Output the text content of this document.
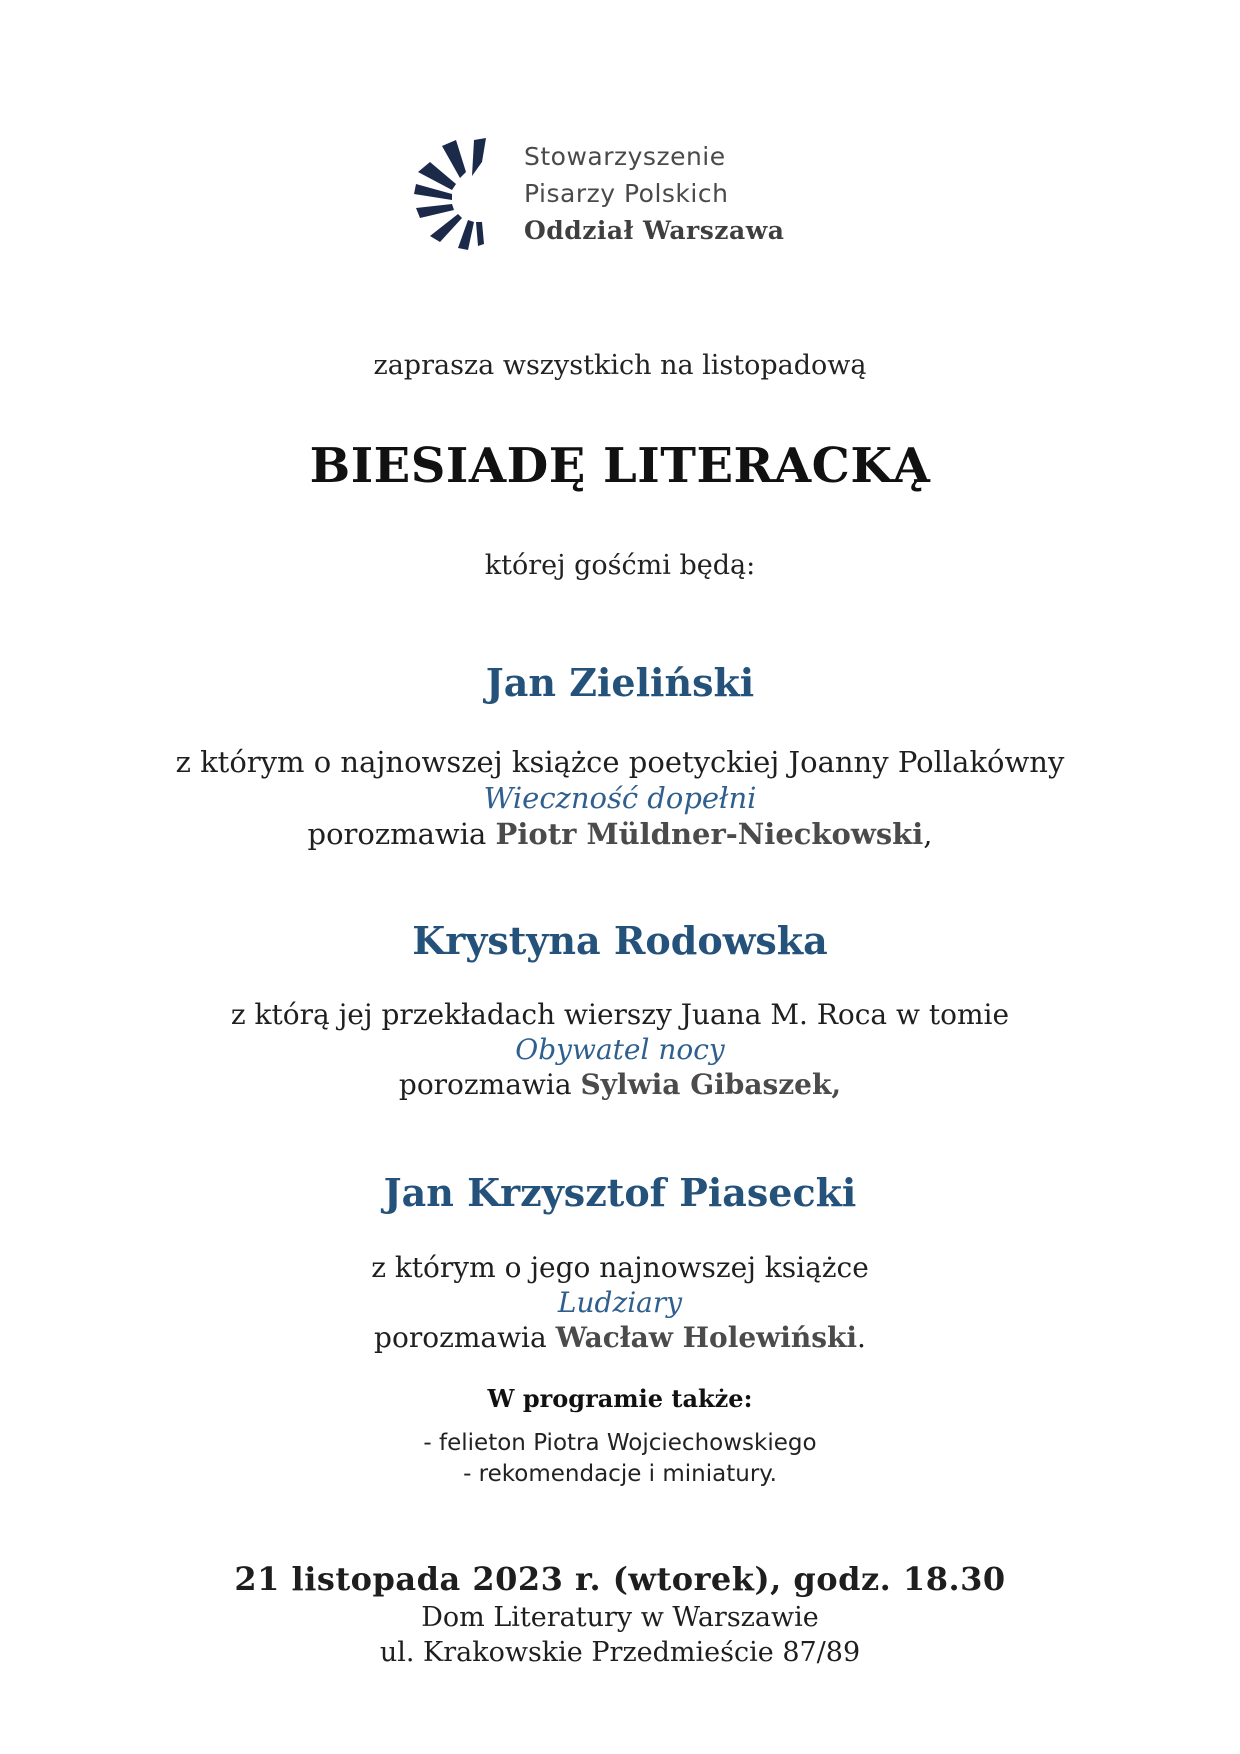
Stowarzyszenie
Pisarzy Polskich
Oddział Warszawa
zaprasza wszystkich na listopadową
BIESIADĘ LITERACKĄ
której gośćmi będą:
Jan Zieliński
z którym o najnowszej książce poetyckiej Joanny Pollakówny
Wieczność dopełni
porozmawia Piotr Müldner-Nieckowski,
Krystyna Rodowska
z którą jej przekładach wierszy Juana M. Roca w tomie
Obywatel nocy
porozmawia Sylwia Gibaszek,
Jan Krzysztof Piasecki
z którym o jego najnowszej książce
Ludziary
porozmawia Wacław Holewiński.
W programie także:
- felieton Piotra Wojciechowskiego
- rekomendacje i miniatury.
21 listopada 2023 r. (wtorek), godz. 18.30
Dom Literatury w Warszawie
ul. Krakowskie Przedmieście 87/89
